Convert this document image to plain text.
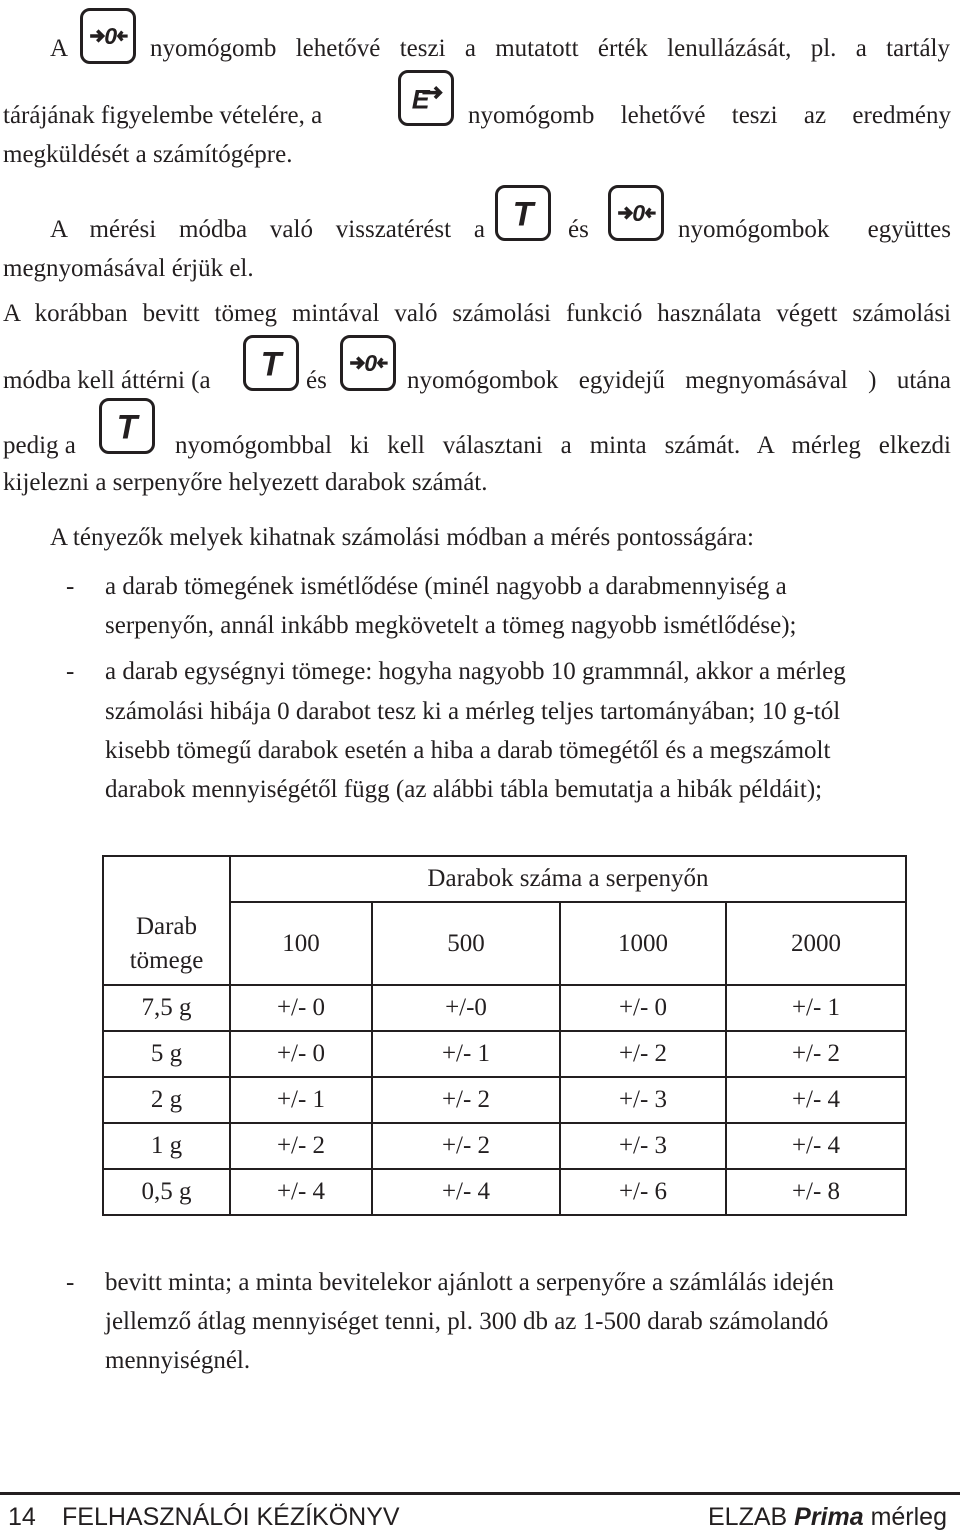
A 0 nyomógomb lehetővé teszi a mutatott érték lenullázását, pl. a tartály
tárájának figyelembe vételére, a
E
nyomógomb lehetővé teszi az eredmény
megküldését a számítógépre.
A mérési módba való visszatérést a T és
0
nyomógombok együttes
megnyomásával érjük el.
A korábban bevitt tömeg mintával való számolási funkció használata végett számolási
módba kell áttérni (a T és
0
nyomógombok egyidejű megnyomásával ) utána
pedig a T nyomógombbal ki kell választani a minta számát. A mérleg elkezdi
kijelezni a serpenyőre helyezett darabok számát.
A tényezők melyek kihatnak számolási módban a mérés pontosságára:
- a darab tömegének ismétlődése (minél nagyobb a darabmennyiség a
serpenyőn, annál inkább megkövetelt a tömeg nagyobb ismétlődése);
- a darab egységnyi tömege: hogyha nagyobb 10 grammnál, akkor a mérleg
számolási hibája 0 darabot tesz ki a mérleg teljes tartományában; 10 g-tól
kisebb tömegű darabok esetén a hiba a darab tömegétől és a megszámolt
darabok mennyiségétől függ (az alábbi tábla bemutatja a hibák példáit);
Darab
tömege	Darabok száma a serpenyőn			
	100	500	1000	2000
7,5 g	+/- 0	+/-0	+/- 0	+/- 1
5 g	+/- 0	+/- 1	+/- 2	+/- 2
2 g	+/- 1	+/- 2	+/- 3	+/- 4
1 g	+/- 2	+/- 2	+/- 3	+/- 4
0,5 g	+/- 4	+/- 4	+/- 6	+/- 8
- bevitt minta; a minta bevitelekor ajánlott a serpenyőre a számlálás idején
jellemző átlag mennyiséget tenni, pl. 300 db az 1-500 darab számolandó
mennyiségnél.
14 FELHASZNÁLÓI KÉZÍKÖNYV	ELZAB Prima mérleg
